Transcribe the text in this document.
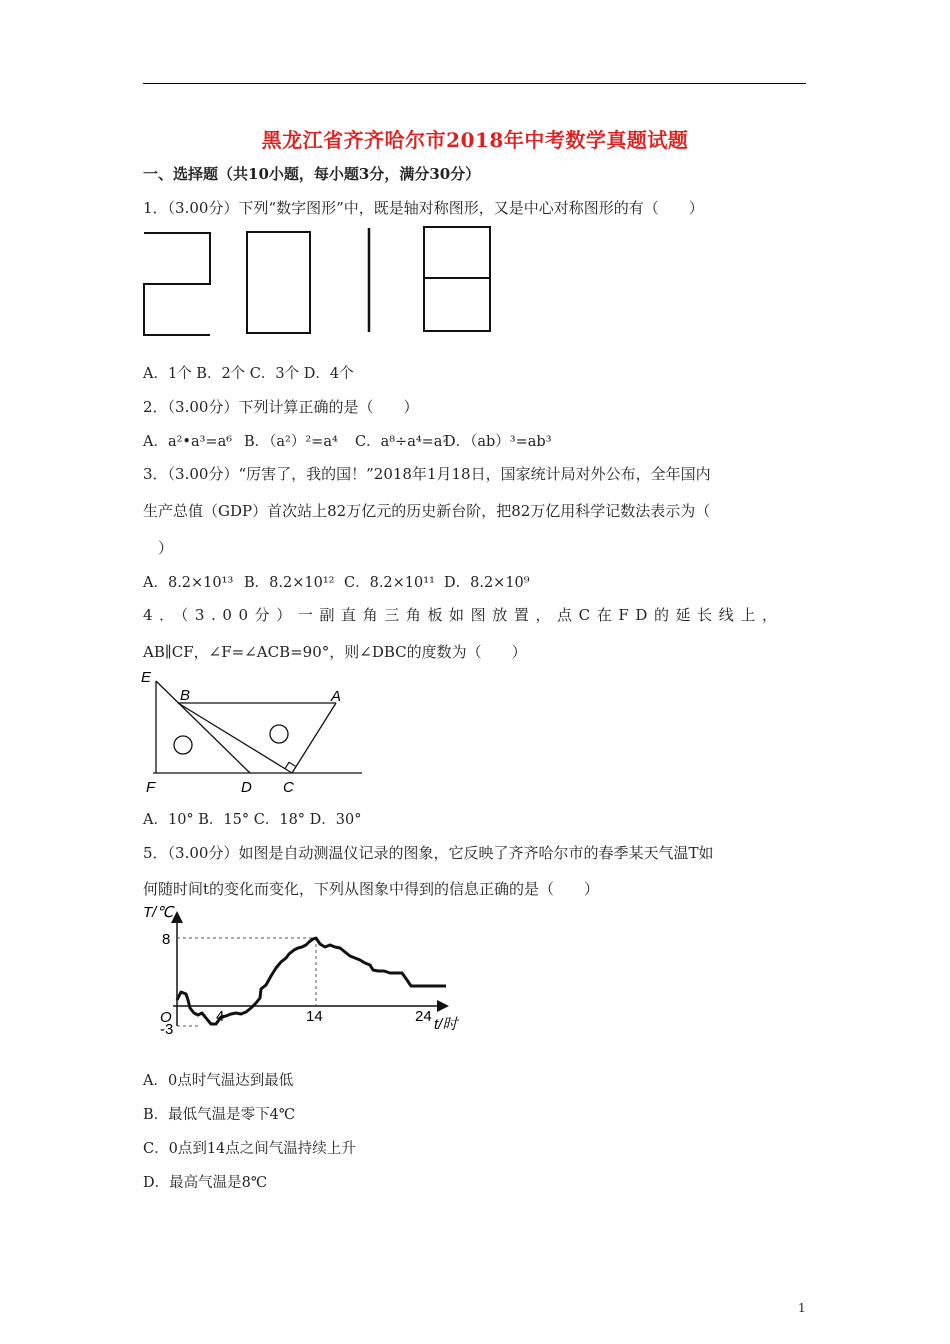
黑龙江省齐齐哈尔市2018年中考数学真题试题
一、选择题（共10小题，每小题3分，满分30分）
1．（3.00分）下列“数字图形”中，既是轴对称图形，又是中心对称图形的有（　　）
A．1个 B．2个 C．3个 D．4个
2．（3.00分）下列计算正确的是（　　）
A．a²•a³=a⁶ B．（a²）²=a⁴ C．a⁸÷a⁴=a²
D．（ab）³=ab³
3．（3.00分）“厉害了，我的国！”2018年1月18日，国家统计局对外公布，全年国内
生产总值（GDP）首次站上82万亿元的历史新台阶，把82万亿用科学记数法表示为（
）
A．8.2×10¹³ B．8.2×10¹² C．8.2×10¹¹ D．8.2×10⁹
4．（3.00分）一副直角三角板如图放置，点C在FD的延长线上，
AB∥CF，∠F=∠ACB=90°，则∠DBC的度数为（　　）
E
B	A
F	D C
A．10° B．15° C．18° D．30°
5．（3.00分）如图是自动测温仪记录的图象，它反映了齐齐哈尔市的春季某天气温T如
何随时间t的变化而变化，下列从图象中得到的信息正确的是（　　）
T/℃
8
O
-3
4	14	24 t/时
A．0点时气温达到最低
B．最低气温是零下4℃
C．0点到14点之间气温持续上升
D．最高气温是8℃
1
